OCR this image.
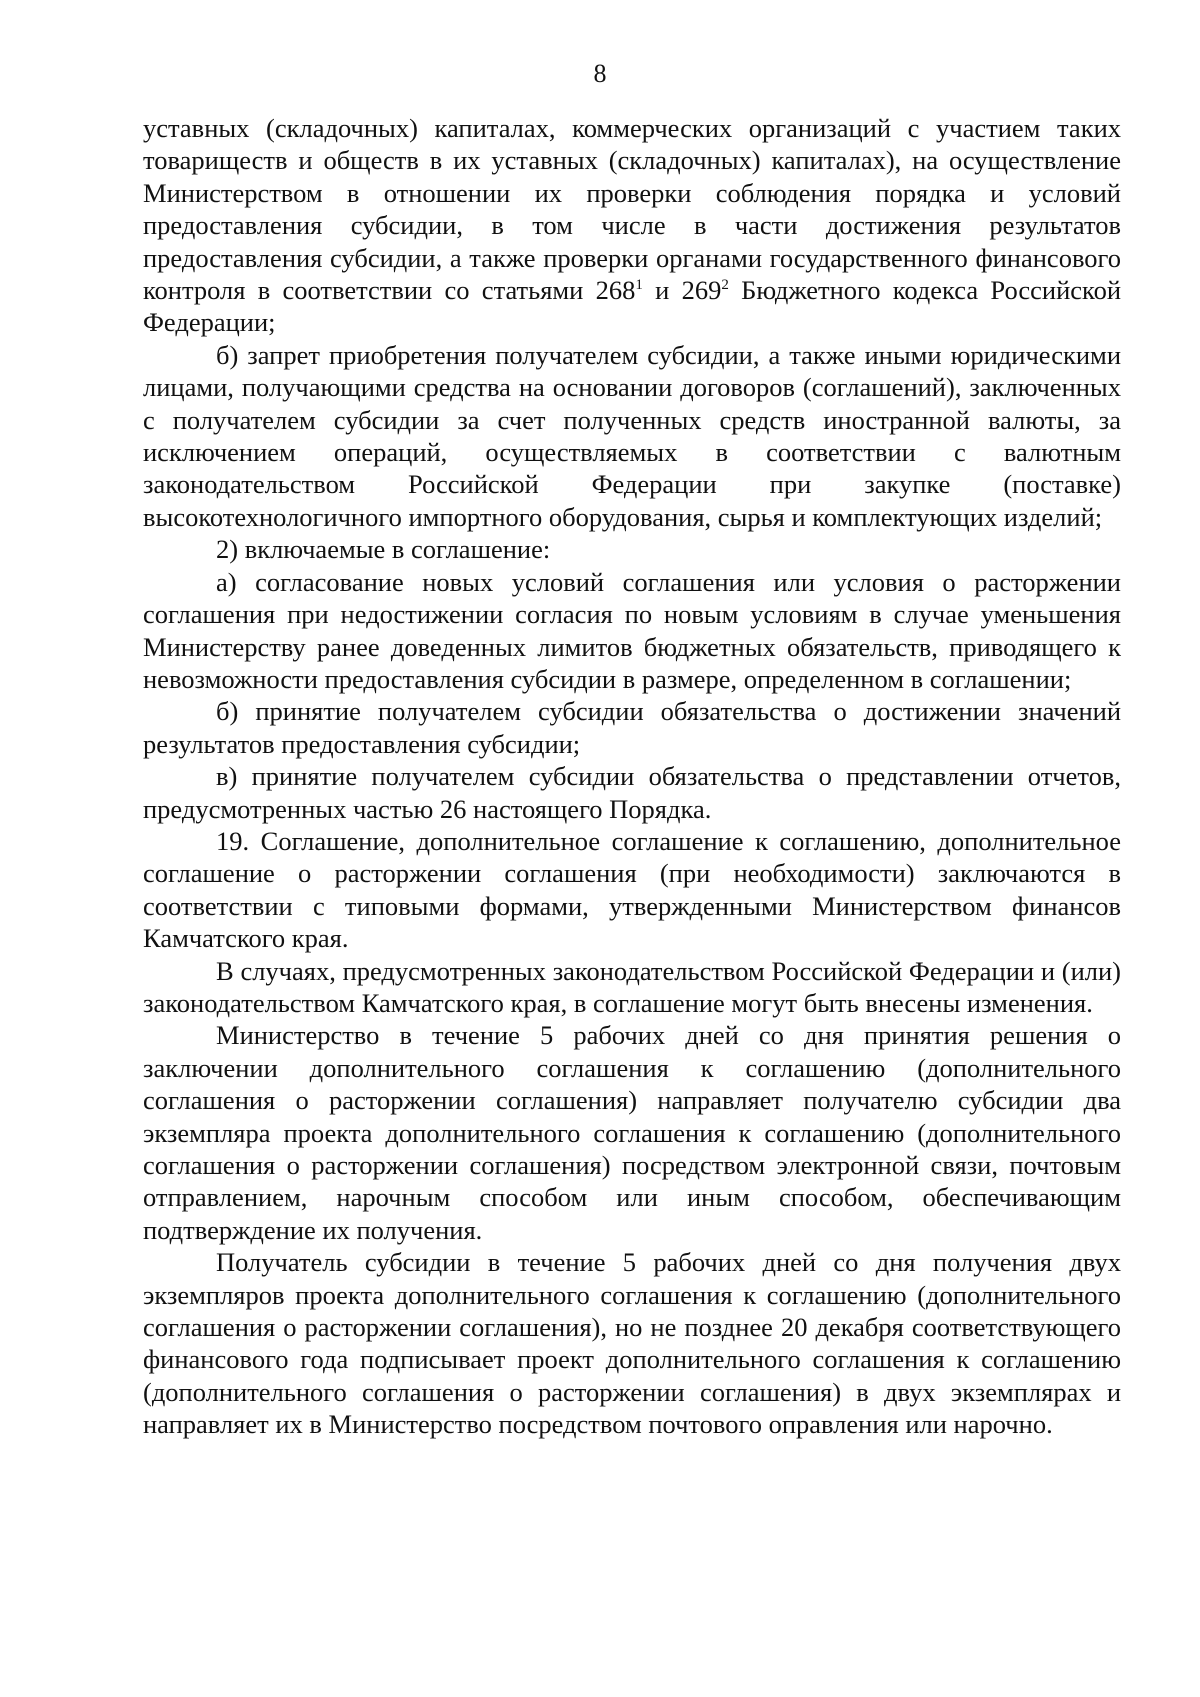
8

уставных (складочных) капиталах, коммерческих организаций с участием таких товариществ и обществ в их уставных (складочных) капиталах), на осуществление Министерством в отношении их проверки соблюдения порядка и условий предоставления субсидии, в том числе в части достижения результатов предоставления субсидии, а также проверки органами государственного финансового контроля в соответствии со статьями $268^1$ и $269^2$ Бюджетного кодекса Российской Федерации;

б) запрет приобретения получателем субсидии, а также иными юридическими лицами, получающими средства на основании договоров (соглашений), заключенных с получателем субсидии за счет полученных средств иностранной валюты, за исключением операций, осуществляемых в соответствии с валютным законодательством Российской Федерации при закупке (поставке) высокотехнологичного импортного оборудования, сырья и комплектующих изделий;

2) включаемые в соглашение:

а) согласование новых условий соглашения или условия о расторжении соглашения при недостижении согласия по новым условиям в случае уменьшения Министерству ранее доведенных лимитов бюджетных обязательств, приводящего к невозможности предоставления субсидии в размере, определенном в соглашении;

б) принятие получателем субсидии обязательства о достижении значений результатов предоставления субсидии;

в) принятие получателем субсидии обязательства о представлении отчетов, предусмотренных частью 26 настоящего Порядка.

19. Соглашение, дополнительное соглашение к соглашению, дополнительное соглашение о расторжении соглашения (при необходимости) заключаются в соответствии с типовыми формами, утвержденными Министерством финансов Камчатского края.

В случаях, предусмотренных законодательством Российской Федерации и (или) законодательством Камчатского края, в соглашение могут быть внесены изменения.

Министерство в течение 5 рабочих дней со дня принятия решения о заключении дополнительного соглашения к соглашению (дополнительного соглашения о расторжении соглашения) направляет получателю субсидии два экземпляра проекта дополнительного соглашения к соглашению (дополнительного соглашения о расторжении соглашения) посредством электронной связи, почтовым отправлением, нарочным способом или иным способом, обеспечивающим подтверждение их получения.

Получатель субсидии в течение 5 рабочих дней со дня получения двух экземпляров проекта дополнительного соглашения к соглашению (дополнительного соглашения о расторжении соглашения), но не позднее 20 декабря соответствующего финансового года подписывает проект дополнительного соглашения к соглашению (дополнительного соглашения о расторжении соглашения) в двух экземплярах и направляет их в Министерство посредством почтового оправления или нарочно.
